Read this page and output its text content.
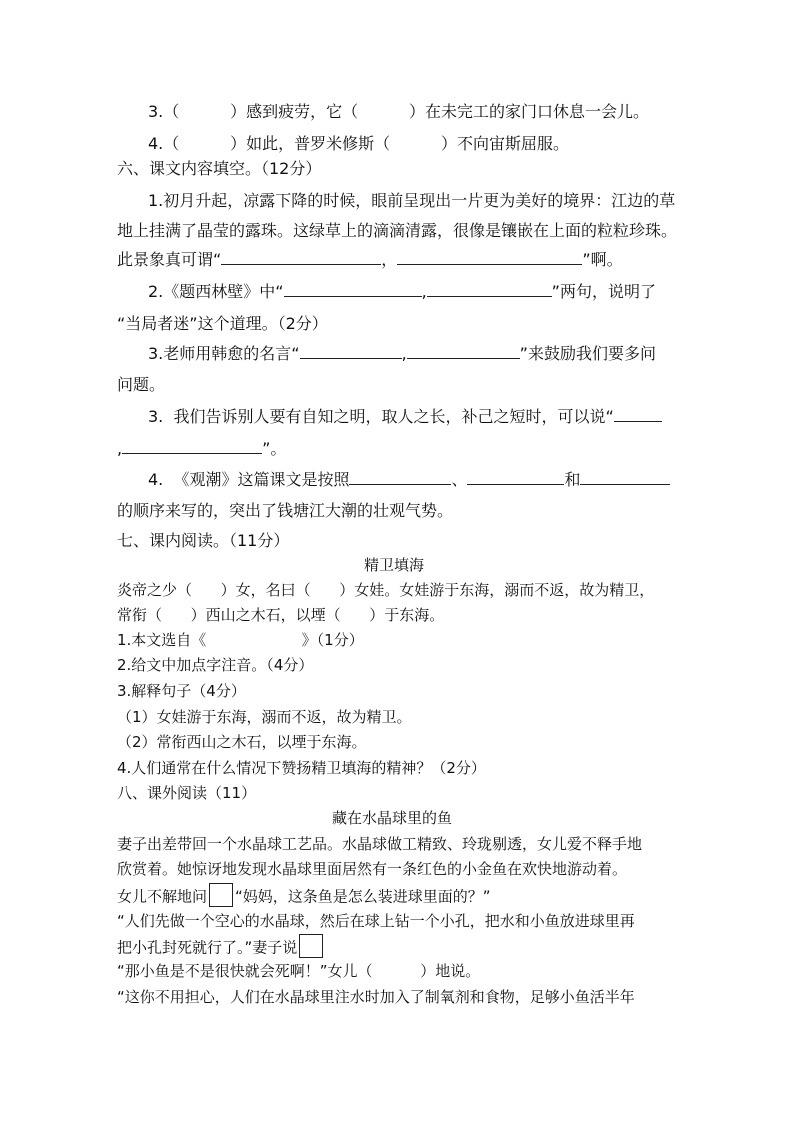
3.（          ）感到疲劳，它（          ）在未完工的家门口休息一会儿。
4.（          ）如此，普罗米修斯（          ）不向宙斯屈服。
六、课文内容填空。（12分）
1.初月升起，凉露下降的时候，眼前呈现出一片更为美好的境界：江边的草
地上挂满了晶莹的露珠。这绿草上的滴滴清露，很像是镶嵌在上面的粒粒珍珠。
此景象真可谓“	，	”啊。
2.《题西林壁》中“	,	”两句，说明了
“当局者迷”这个道理。（2分）
3.老师用韩愈的名言“	,	”来鼓励我们要多问
问题。
3.  我们告诉别人要有自知之明，取人之长，补己之短时，可以说“
,	”。
4.  《观潮》这篇课文是按照	、	和
的顺序来写的，突出了钱塘江大潮的壮观气势。
七、课内阅读。（11分）
精卫填海
炎帝之少（      ）女，名曰（      ）女娃。女娃游于东海，溺而不返，故为精卫，
常衔（      ）西山之木石，以堙（      ）于东海。
1.本文选自《                    》（1分）
2.给文中加点字注音。（4分）
3.解释句子（4分）
（1）女娃游于东海，溺而不返，故为精卫。
（2）常衔西山之木石，以堙于东海。
4.人们通常在什么情况下赞扬精卫填海的精神？（2分）
八、课外阅读（11）
藏在水晶球里的鱼
妻子出差带回一个水晶球工艺品。水晶球做工精致、玲珑剔透，女儿爱不释手地
欣赏着。她惊讶地发现水晶球里面居然有一条红色的小金鱼在欢快地游动着。
女儿不解地问 “妈妈，这条鱼是怎么装进球里面的？”
“人们先做一个空心的水晶球，然后在球上钻一个小孔，把水和小鱼放进球里再
把小孔封死就行了。”妻子说
“那小鱼是不是很快就会死啊！”女儿（          ）地说。
“这你不用担心，人们在水晶球里注水时加入了制氧剂和食物，足够小鱼活半年
